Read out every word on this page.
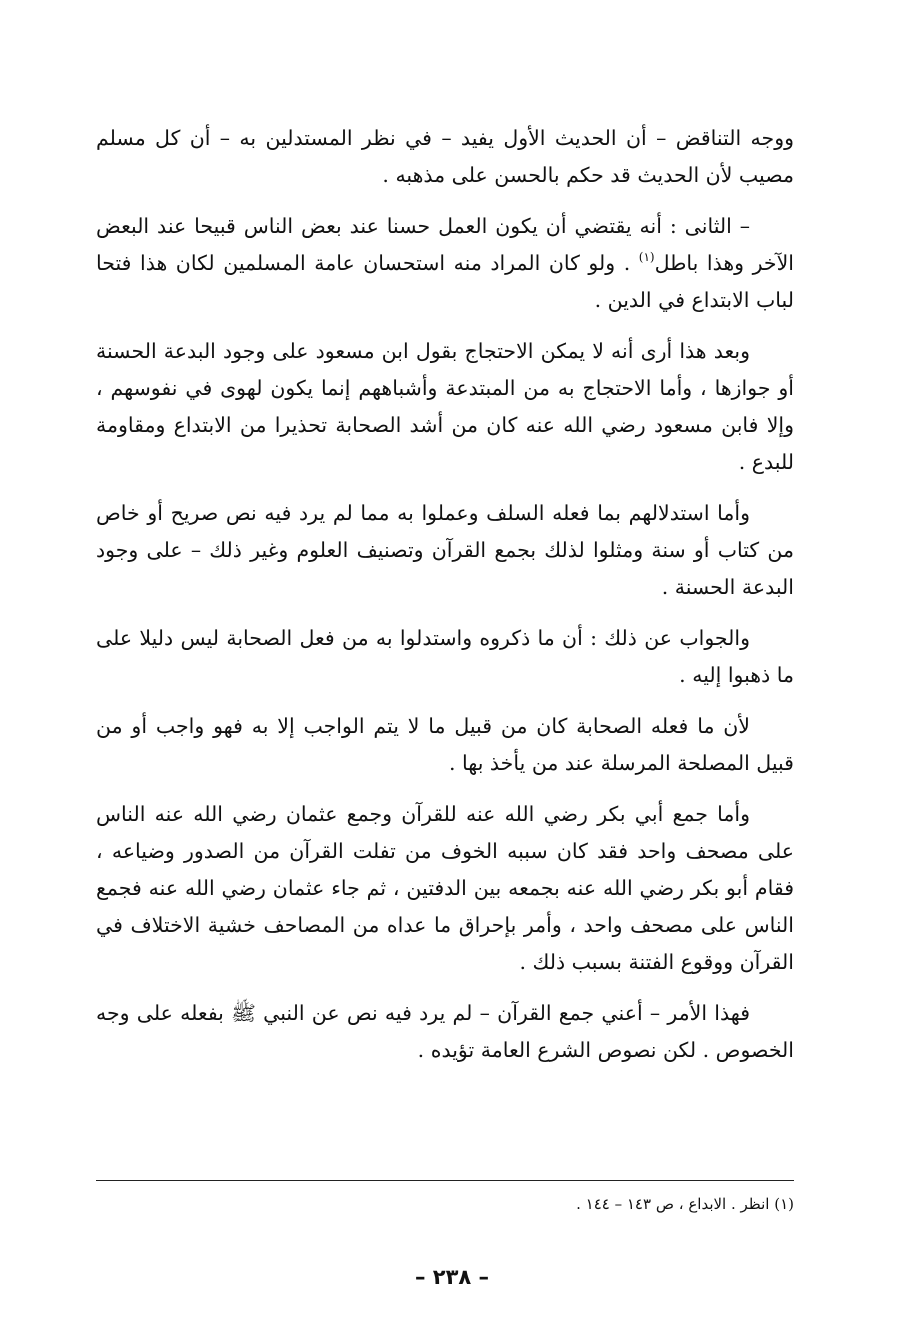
ووجه التناقض – أن الحديث الأول يفيد – في نظر المستدلين به – أن كل مسلم مصيب لأن الحديث قد حكم بالحسن على مذهبه .

– الثانى : أنه يقتضي أن يكون العمل حسنا عند بعض الناس قبيحا عند البعض الآخر وهذا باطل$^{(١)}$ . ولو كان المراد منه استحسان عامة المسلمين لكان هذا فتحا لباب الابتداع في الدين .

وبعد هذا أرى أنه لا يمكن الاحتجاج بقول ابن مسعود على وجود البدعة الحسنة أو جوازها ، وأما الاحتجاج به من المبتدعة وأشباههم إنما يكون لهوى في نفوسهم ، وإلا فابن مسعود رضي الله عنه كان من أشد الصحابة تحذيرا من الابتداع ومقاومة للبدع .

وأما استدلالهم بما فعله السلف وعملوا به مما لم يرد فيه نص صريح أو خاص من كتاب أو سنة ومثلوا لذلك بجمع القرآن وتصنيف العلوم وغير ذلك – على وجود البدعة الحسنة .

والجواب عن ذلك : أن ما ذكروه واستدلوا به من فعل الصحابة ليس دليلا على ما ذهبوا إليه .

لأن ما فعله الصحابة كان من قبيل ما لا يتم الواجب إلا به فهو واجب أو من قبيل المصلحة المرسلة عند من يأخذ بها .

وأما جمع أبي بكر رضي الله عنه للقرآن وجمع عثمان رضي الله عنه الناس على مصحف واحد فقد كان سببه الخوف من تفلت القرآن من الصدور وضياعه ، فقام أبو بكر رضي الله عنه بجمعه بين الدفتين ، ثم جاء عثمان رضي الله عنه فجمع الناس على مصحف واحد ، وأمر بإحراق ما عداه من المصاحف خشية الاختلاف في القرآن ووقوع الفتنة بسبب ذلك .

فهذا الأمر – أعني جمع القرآن – لم يرد فيه نص عن النبي ﷺ بفعله على وجه الخصوص . لكن نصوص الشرع العامة تؤيده .

(١) انظر . الابداع ، ص ١٤٣ – ١٤٤ .
– ٢٣٨ –
